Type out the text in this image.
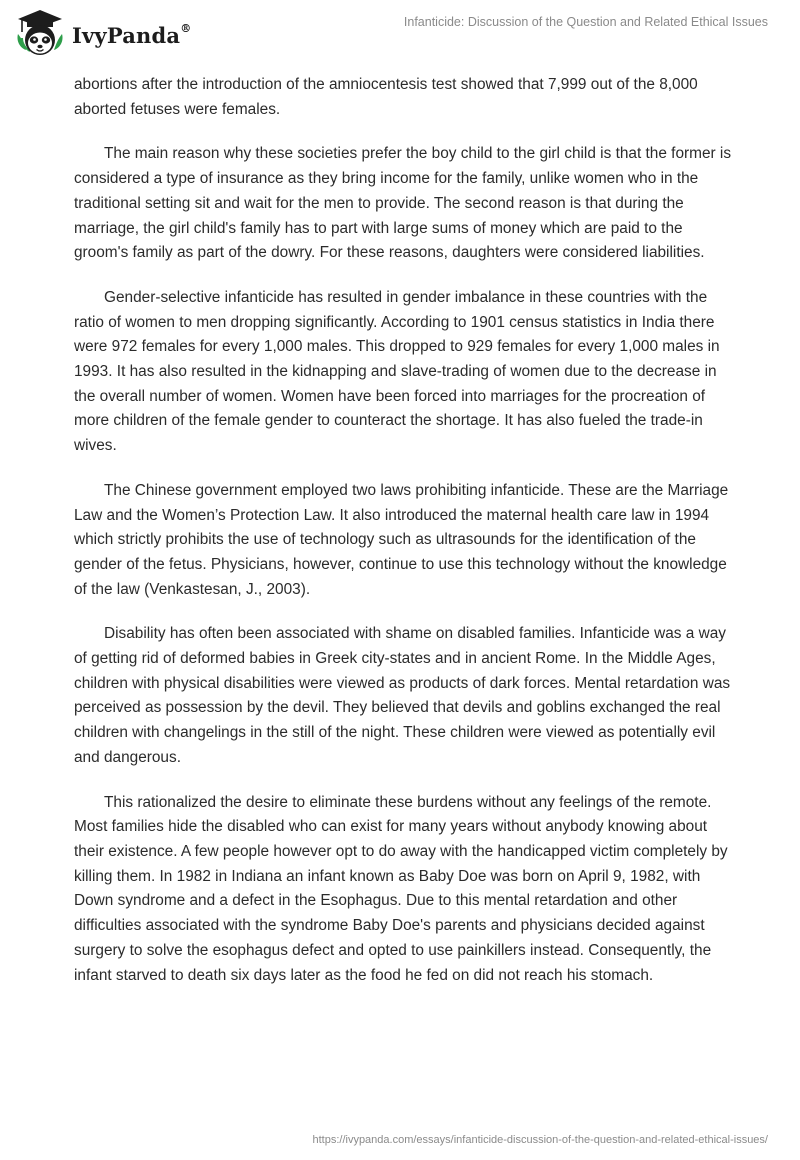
IvyPanda®	Infanticide: Discussion of the Question and Related Ethical Issues

abortions after the introduction of the amniocentesis test showed that 7,999 out of the 8,000 aborted fetuses were females.

The main reason why these societies prefer the boy child to the girl child is that the former is considered a type of insurance as they bring income for the family, unlike women who in the traditional setting sit and wait for the men to provide. The second reason is that during the marriage, the girl child's family has to part with large sums of money which are paid to the groom's family as part of the dowry. For these reasons, daughters were considered liabilities.

Gender-selective infanticide has resulted in gender imbalance in these countries with the ratio of women to men dropping significantly. According to 1901 census statistics in India there were 972 females for every 1,000 males. This dropped to 929 females for every 1,000 males in 1993. It has also resulted in the kidnapping and slave-trading of women due to the decrease in the overall number of women. Women have been forced into marriages for the procreation of more children of the female gender to counteract the shortage. It has also fueled the trade-in wives.

The Chinese government employed two laws prohibiting infanticide. These are the Marriage Law and the Women’s Protection Law. It also introduced the maternal health care law in 1994 which strictly prohibits the use of technology such as ultrasounds for the identification of the gender of the fetus. Physicians, however, continue to use this technology without the knowledge of the law (Venkastesan, J., 2003).

Disability has often been associated with shame on disabled families. Infanticide was a way of getting rid of deformed babies in Greek city-states and in ancient Rome. In the Middle Ages, children with physical disabilities were viewed as products of dark forces. Mental retardation was perceived as possession by the devil. They believed that devils and goblins exchanged the real children with changelings in the still of the night. These children were viewed as potentially evil and dangerous.

This rationalized the desire to eliminate these burdens without any feelings of the remote. Most families hide the disabled who can exist for many years without anybody knowing about their existence. A few people however opt to do away with the handicapped victim completely by killing them. In 1982 in Indiana an infant known as Baby Doe was born on April 9, 1982, with Down syndrome and a defect in the Esophagus. Due to this mental retardation and other difficulties associated with the syndrome Baby Doe's parents and physicians decided against surgery to solve the esophagus defect and opted to use painkillers instead. Consequently, the infant starved to death six days later as the food he fed on did not reach his stomach.

https://ivypanda.com/essays/infanticide-discussion-of-the-question-and-related-ethical-issues/
